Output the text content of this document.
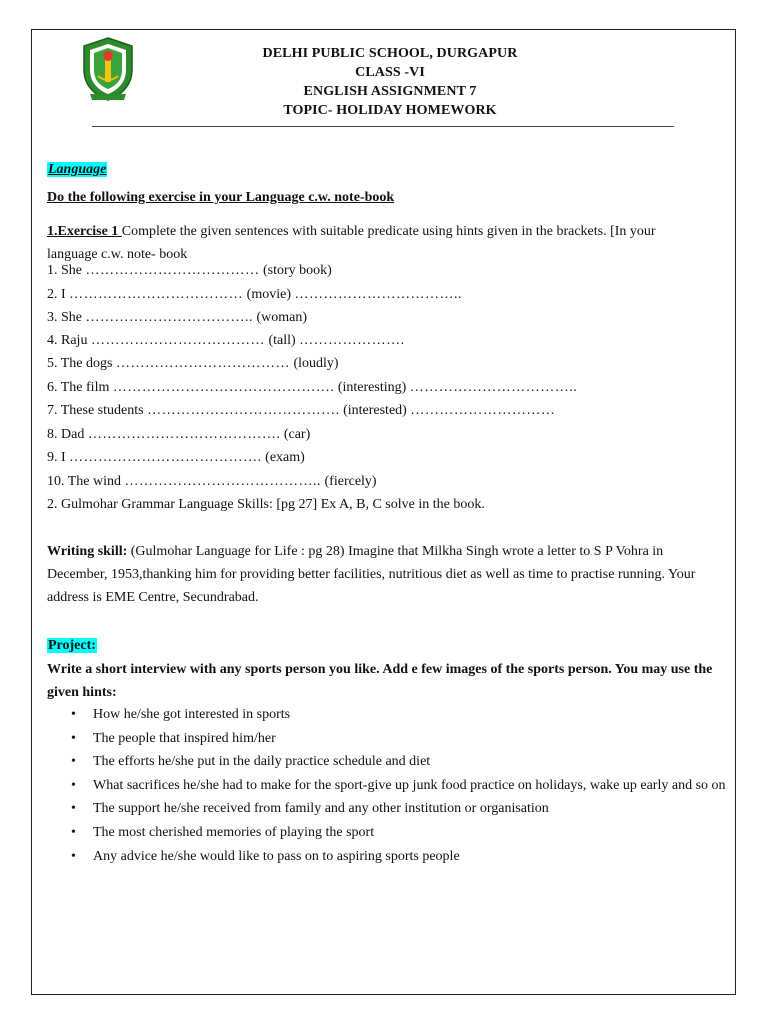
DELHI PUBLIC SCHOOL, DURGAPUR
CLASS -VI
ENGLISH ASSIGNMENT 7
TOPIC- HOLIDAY HOMEWORK
Language
Do the following exercise in your Language c.w. note-book
1.Exercise 1 Complete the given sentences with suitable predicate using hints given in the brackets. [In your
language c.w. note- book
1. She ……………………………… (story book)
2. I ……………………………… (movie) ……………………………..
3. She …………………………….. (woman)
4. Raju ……………………………… (tall) ………………….
5. The dogs ……………………………… (loudly)
6. The film ………………………………………. (interesting) ……………………………..
7. These students …………………………………. (interested) …………………………
8. Dad …………………………………. (car)
9. I …………………………………. (exam)
10. The wind ………………………………….. (fiercely)
2. Gulmohar Grammar Language Skills: [pg 27] Ex A, B, C solve in the book.
Writing skill: (Gulmohar Language for Life : pg 28) Imagine that Milkha Singh wrote a letter to S P Vohra in December, 1953,thanking him for providing better facilities, nutritious diet as well as time to practise running. Your address is EME Centre, Secundrabad.
Project:
Write a short interview with any sports person you like. Add e few images of the sports person. You may use the given hints:
• How he/she got interested in sports
• The people that inspired him/her
• The efforts he/she put in the daily practice schedule and diet
• What sacrifices he/she had to make for the sport-give up junk food practice on holidays, wake up early and so on
• The support he/she received from family and any other institution or organisation
• The most cherished memories of playing the sport
• Any advice he/she would like to pass on to aspiring sports people
